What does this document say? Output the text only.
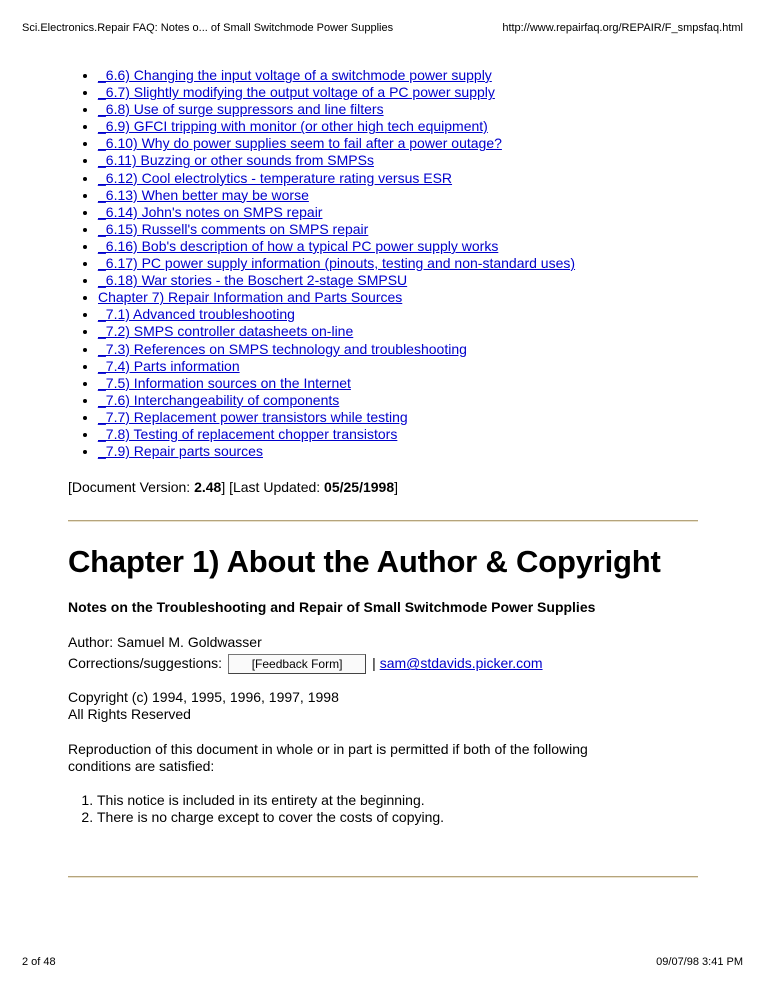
Sci.Electronics.Repair FAQ: Notes o... of Small Switchmode Power Supplies	http://www.repairfaq.org/REPAIR/F_smpsfaq.html
• _6.6) Changing the input voltage of a switchmode power supply
• _6.7) Slightly modifying the output voltage of a PC power supply
• _6.8) Use of surge suppressors and line filters
• _6.9) GFCI tripping with monitor (or other high tech equipment)
• _6.10) Why do power supplies seem to fail after a power outage?
• _6.11) Buzzing or other sounds from SMPSs
• _6.12) Cool electrolytics - temperature rating versus ESR
• _6.13) When better may be worse
• _6.14) John's notes on SMPS repair
• _6.15) Russell's comments on SMPS repair
• _6.16) Bob's description of how a typical PC power supply works
• _6.17) PC power supply information (pinouts, testing and non-standard uses)
• _6.18) War stories - the Boschert 2-stage SMPSU
• Chapter 7) Repair Information and Parts Sources
• _7.1) Advanced troubleshooting
• _7.2) SMPS controller datasheets on-line
• _7.3) References on SMPS technology and troubleshooting
• _7.4) Parts information
• _7.5) Information sources on the Internet
• _7.6) Interchangeability of components
• _7.7) Replacement power transistors while testing
• _7.8) Testing of replacement chopper transistors
• _7.9) Repair parts sources
[Document Version: 2.48] [Last Updated: 05/25/1998]
Chapter 1) About the Author & Copyright
Notes on the Troubleshooting and Repair of Small Switchmode Power Supplies
Author: Samuel M. Goldwasser
Corrections/suggestions:	[Feedback Form]	| sam@stdavids.picker.com
Copyright (c) 1994, 1995, 1996, 1997, 1998
All Rights Reserved
Reproduction of this document in whole or in part is permitted if both of the following
conditions are satisfied:
1. This notice is included in its entirety at the beginning.
2. There is no charge except to cover the costs of copying.
2 of 48	09/07/98 3:41 PM
